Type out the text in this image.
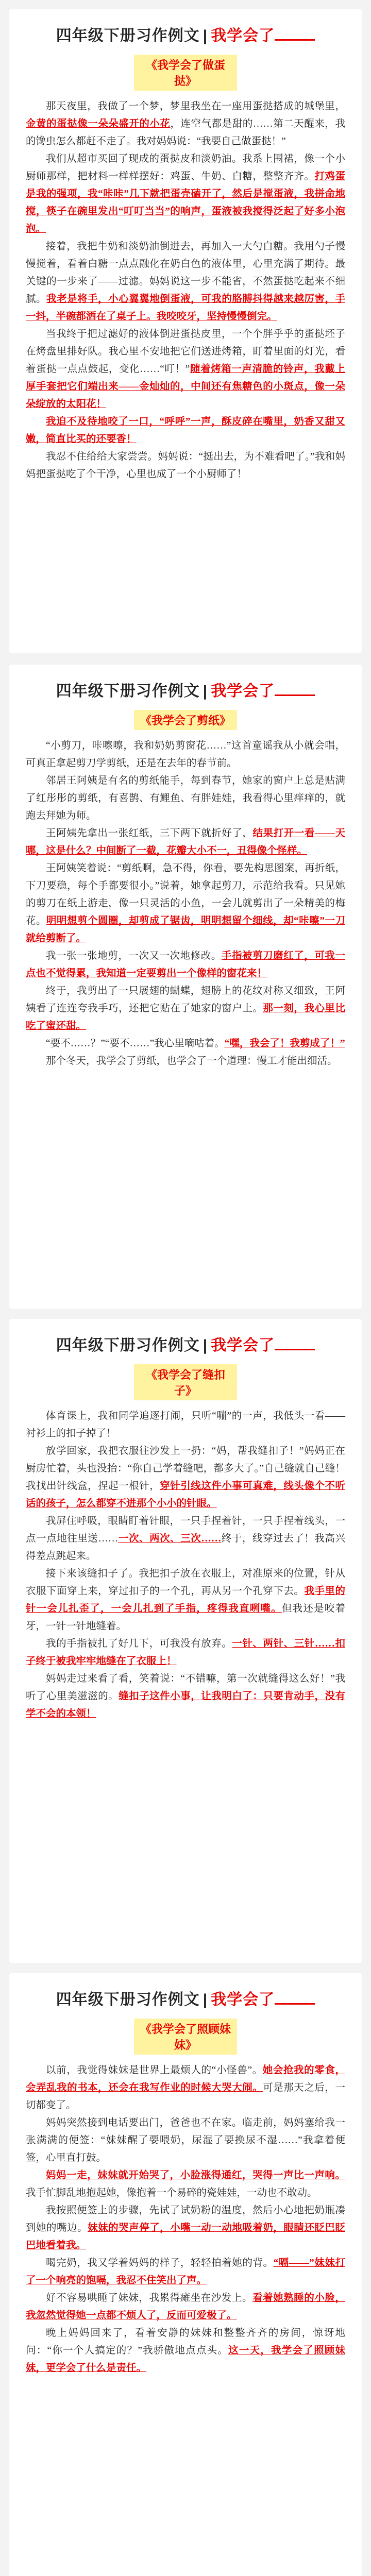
四年级下册习作例文 | 我学会了
《我学会了做蛋挞》

那天夜里，我做了一个梦，梦里我坐在一座用蛋挞搭成的城堡里，金黄的蛋挞像一朵朵盛开的小花，连空气都是甜的……第二天醒来，我的馋虫怎么都赶不走了。我对妈妈说：“我要自己做蛋挞！”

我们从超市买回了现成的蛋挞皮和淡奶油。我系上围裙，像一个小厨师那样，把材料一样样摆好：鸡蛋、牛奶、白糖，整整齐齐。打鸡蛋是我的强项，我“咔咔”几下就把蛋壳磕开了，然后是搅蛋液，我拼命地搅，筷子在碗里发出“叮叮当当”的响声，蛋液被我搅得泛起了好多小泡泡。

接着，我把牛奶和淡奶油倒进去，再加入一大勺白糖。我用勺子慢慢搅着，看着白糖一点点融化在奶白色的液体里，心里充满了期待。最关键的一步来了——过滤。妈妈说这一步不能省，不然蛋挞吃起来不细腻。我老是将手，小心翼翼地倒蛋液，可我的胳膊抖得越来越厉害，手一抖，半碗都洒在了桌子上。我咬咬牙，坚持慢慢倒完。

当我终于把过滤好的液体倒进蛋挞皮里，一个个胖乎乎的蛋挞坯子在烤盘里排好队。我心里不安地把它们送进烤箱，盯着里面的灯光，看着蛋挞一点点鼓起，变化……“叮！”随着烤箱一声清脆的铃声，我戴上厚手套把它们端出来——金灿灿的，中间还有焦糖色的小斑点，像一朵朵绽放的太阳花！

我迫不及待地咬了一口，“呼呼”一声，酥皮碎在嘴里，奶香又甜又嫩，简直比买的还要香！

我忍不住给给大家尝尝。妈妈说：“挺出去，为不难看吧了。”我和妈妈把蛋挞吃了个干净，心里也成了一个小厨师了！

四年级下册习作例文 | 我学会了
《我学会了剪纸》

“小剪刀，咔嚓嚓，我和奶奶剪窗花……”这首童谣我从小就会唱，可真正拿起剪刀学剪纸，还是在去年的春节前。

邻居王阿姨是有名的剪纸能手，每到春节，她家的窗户上总是贴满了红彤彤的剪纸，有喜鹊、有鲤鱼、有胖娃娃，我看得心里痒痒的，就跑去拜她为师。

王阿姨先拿出一张红纸，三下两下就折好了，结果打开一看——天哪，这是什么？中间断了一截，花瓣大小不一，丑得像个怪样。

王阿姨笑着说：“剪纸啊，急不得，你看，要先构思图案，再折纸，下刀要稳，每个手都要很小。”说着，她拿起剪刀，示范给我看。只见她的剪刀在纸上游走，像一只灵活的小鱼，一会儿就剪出了一朵精美的梅花。明明想剪个圆圈，却剪成了锯齿，明明想留个细线，却“咔嚓”一刀就给剪断了。

我一张一张地剪，一次又一次地修改。手指被剪刀磨红了，可我一点也不觉得累，我知道一定要剪出一个像样的窗花来！

终于，我剪出了一只展翅的蝴蝶，翅膀上的花纹对称又细致，王阿姨看了连连夸我手巧，还把它贴在了她家的窗户上。那一刻，我心里比吃了蜜还甜。

“要不……？”“要不……”我心里嘀咕着。“嘿，我会了！我剪成了！”

那个冬天，我学会了剪纸，也学会了一个道理：慢工才能出细活。

四年级下册习作例文 | 我学会了
《我学会了缝扣子》

体育课上，我和同学追逐打闹，只听“嘣”的一声，我低头一看——衬衫上的扣子掉了！

放学回家，我把衣服往沙发上一扔：“妈，帮我缝扣子！”妈妈正在厨房忙着，头也没抬：“你自己学着缝吧，都多大了。”自己缝就自己缝！我找出针线盒，捏起一根针，穿针引线这件小事可真难，线头像个不听话的孩子，怎么都穿不进那个小小的针眼。

我屏住呼吸，眼睛盯着针眼，一只手捏着针，一只手捏着线头，一点一点地往里送……一次、两次、三次……终于，线穿过去了！我高兴得差点跳起来。

接下来该缝扣子了。我把扣子放在衣服上，对准原来的位置，针从衣服下面穿上来，穿过扣子的一个孔，再从另一个孔穿下去。我手里的针一会儿扎歪了，一会儿扎到了手指，疼得我直咧嘴。但我还是咬着牙，一针一针地缝着。

我的手指被扎了好几下，可我没有放弃。一针、两针、三针……扣子终于被我牢牢地缝在了衣服上！

妈妈走过来看了看，笑着说：“不错嘛，第一次就缝得这么好！”我听了心里美滋滋的。缝扣子这件小事，让我明白了：只要肯动手，没有学不会的本领！

四年级下册习作例文 | 我学会了
《我学会了照顾妹妹》

以前，我觉得妹妹是世界上最烦人的“小怪兽”。她会抢我的零食，会弄乱我的书本，还会在我写作业的时候大哭大闹。可是那天之后，一切都变了。

妈妈突然接到电话要出门，爸爸也不在家。临走前，妈妈塞给我一张满满的便签：“妹妹醒了要喂奶，尿湿了要换尿不湿……”我拿着便签，心里直打鼓。

妈妈一走，妹妹就开始哭了，小脸涨得通红，哭得一声比一声响。我手忙脚乱地抱起她，像抱着一个易碎的瓷娃娃，一动也不敢动。

我按照便签上的步骤，先试了试奶粉的温度，然后小心地把奶瓶凑到她的嘴边。妹妹的哭声停了，小嘴一动一动地吸着奶，眼睛还眨巴眨巴地看着我。

喝完奶，我又学着妈妈的样子，轻轻拍着她的背。“嗝——”妹妹打了一个响亮的饱嗝，我忍不住笑出了声。

好不容易哄睡了妹妹，我累得瘫坐在沙发上。看着她熟睡的小脸，我忽然觉得她一点都不烦人了，反而可爱极了。

晚上妈妈回来了，看着安静的妹妹和整整齐齐的房间，惊讶地问：“你一个人搞定的？”我骄傲地点点头。这一天，我学会了照顾妹妹，更学会了什么是责任。
